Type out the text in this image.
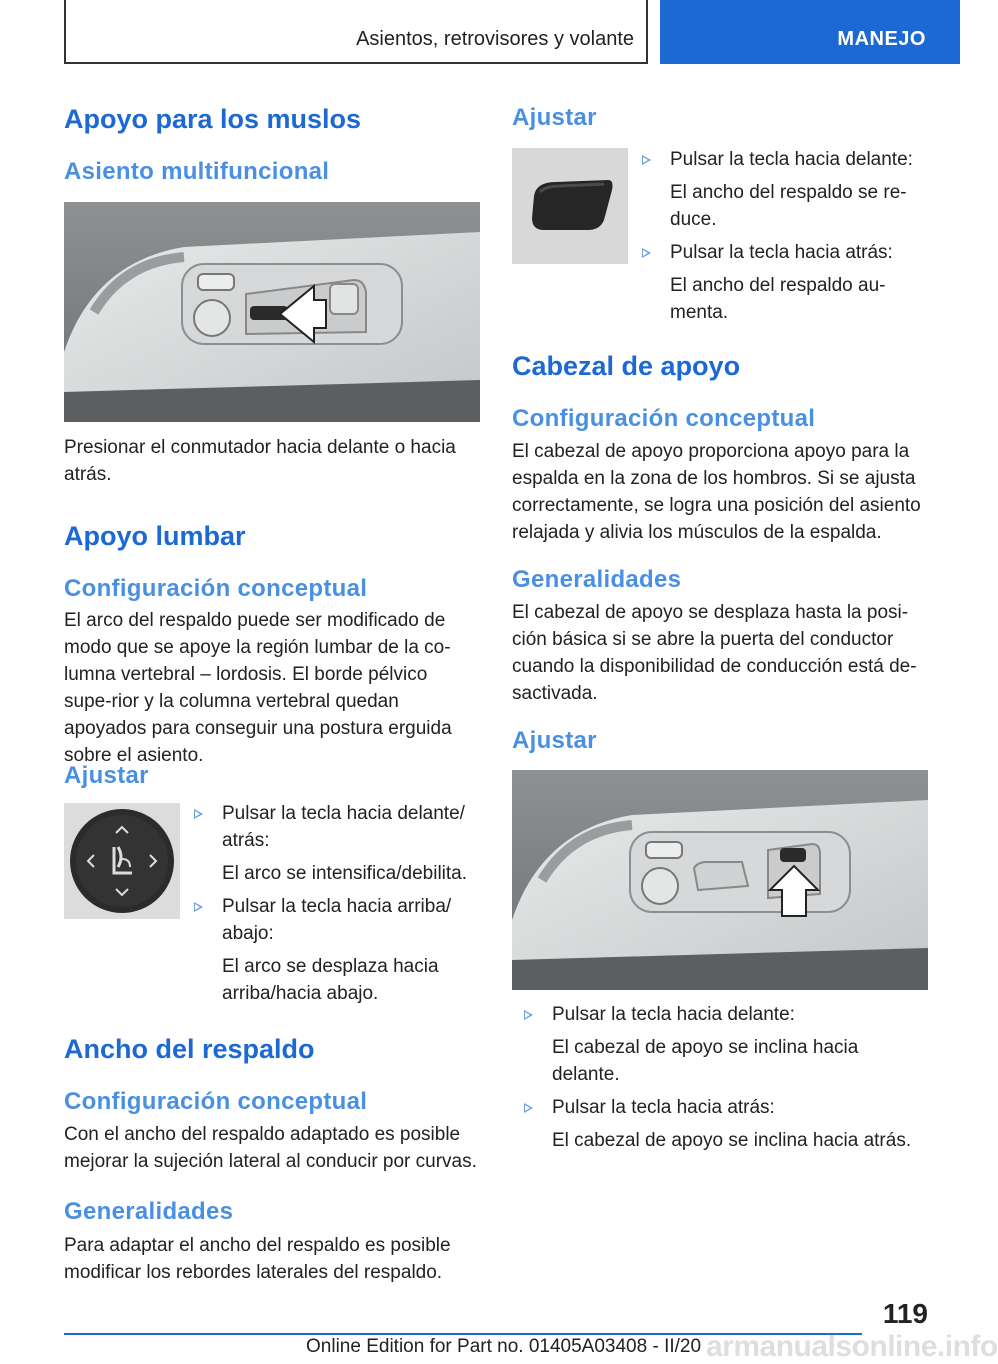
Asientos, retrovisores y volante	MANEJO
Apoyo para los muslos
Asiento multifuncional
Presionar el conmutador hacia delante o hacia atrás.
Apoyo lumbar
Configuración conceptual
El arco del respaldo puede ser modificado de modo que se apoye la región lumbar de la co-lumna vertebral – lordosis. El borde pélvico supe-rior y la columna vertebral quedan apoyados para conseguir una postura erguida sobre el asiento.
Ajustar
Pulsar la tecla hacia delante/ atrás:
El arco se intensifica/debilita.
Pulsar la tecla hacia arriba/ abajo:
El arco se desplaza hacia arriba/hacia abajo.
Ancho del respaldo
Configuración conceptual
Con el ancho del respaldo adaptado es posible mejorar la sujeción lateral al conducir por curvas.
Generalidades
Para adaptar el ancho del respaldo es posible modificar los rebordes laterales del respaldo.
Ajustar
Pulsar la tecla hacia delante:
El ancho del respaldo se re-duce.
Pulsar la tecla hacia atrás:
El ancho del respaldo au-menta.
Cabezal de apoyo
Configuración conceptual
El cabezal de apoyo proporciona apoyo para la espalda en la zona de los hombros. Si se ajusta correctamente, se logra una posición del asiento relajada y alivia los músculos de la espalda.
Generalidades
El cabezal de apoyo se desplaza hasta la posi-ción básica si se abre la puerta del conductor cuando la disponibilidad de conducción está de-sactivada.
Ajustar
Pulsar la tecla hacia delante:
El cabezal de apoyo se inclina hacia delante.
Pulsar la tecla hacia atrás:
El cabezal de apoyo se inclina hacia atrás.
119
Online Edition for Part no. 01405A03408 - II/20 armanualsonline.info
